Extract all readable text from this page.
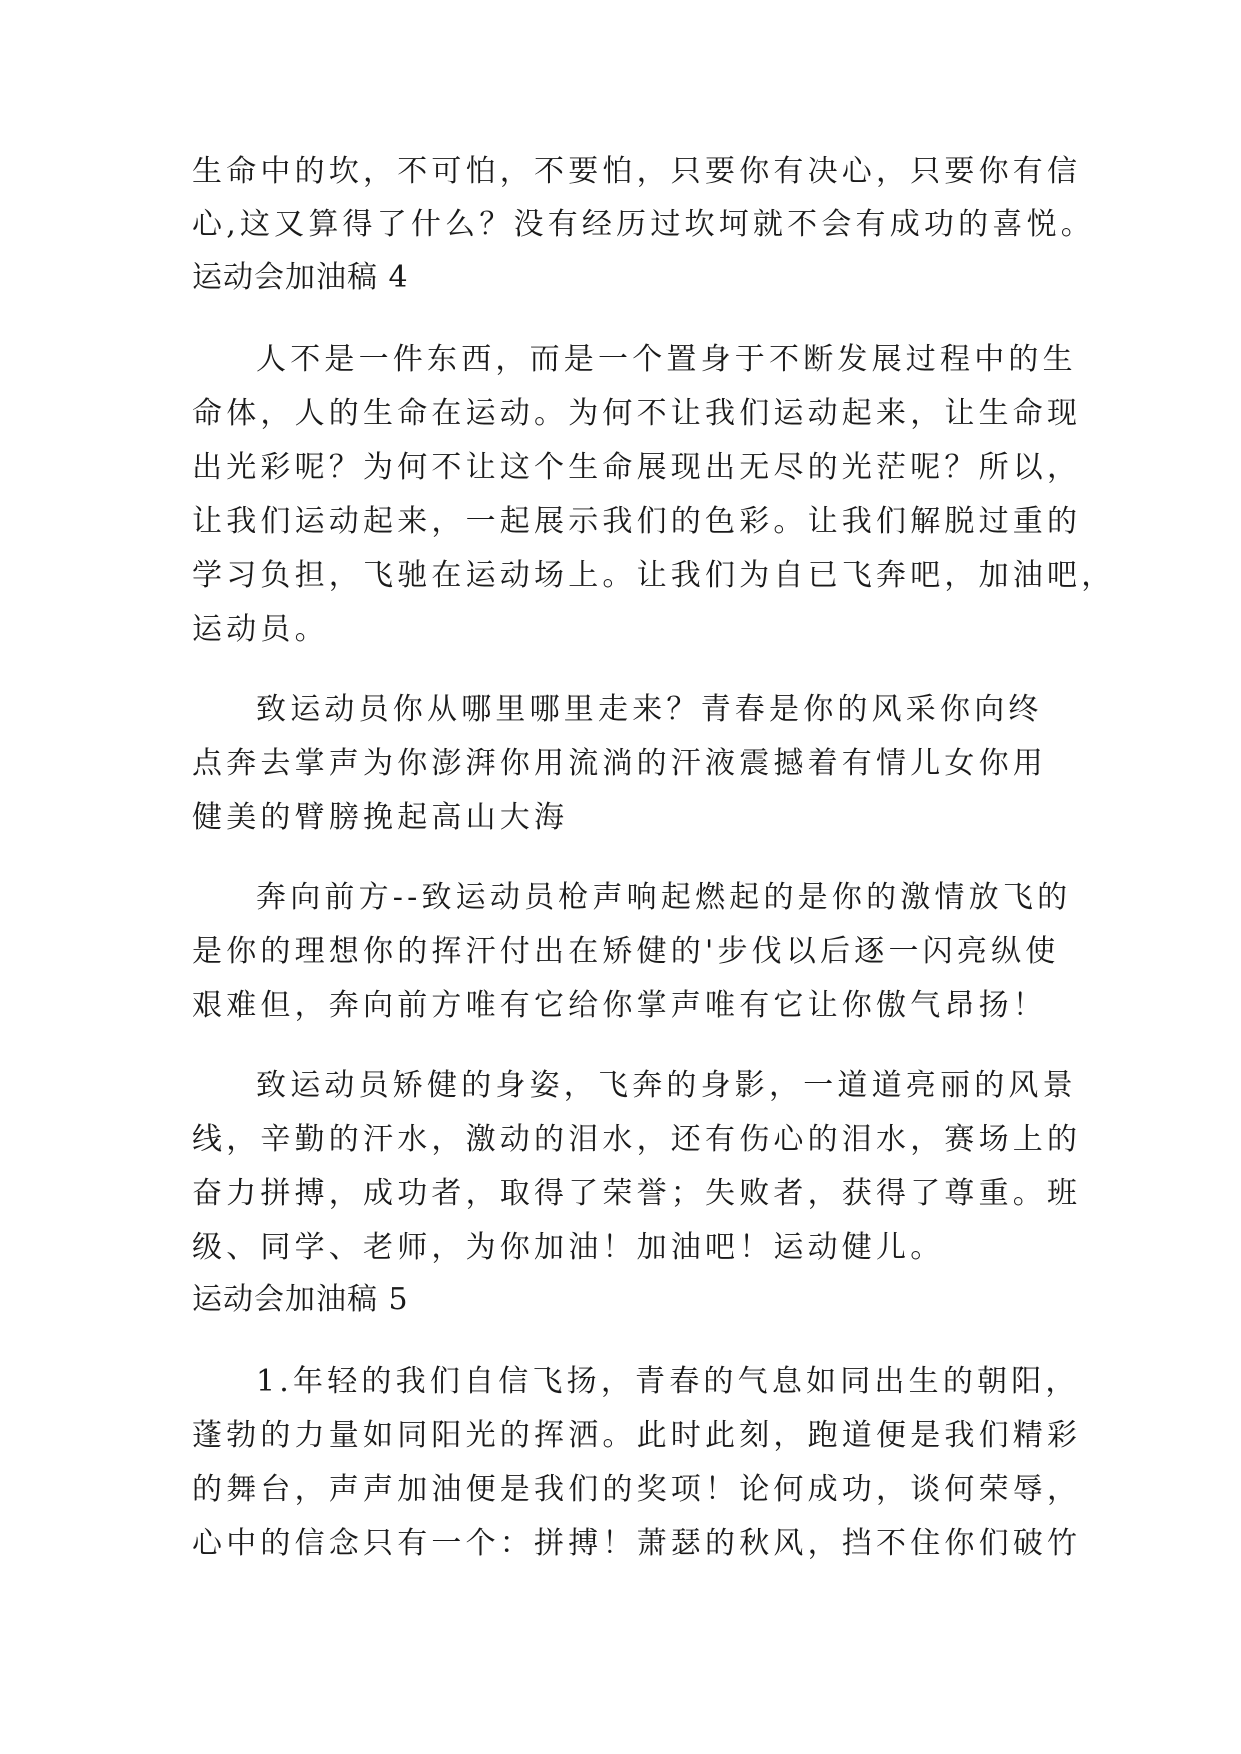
生命中的坎，不可怕，不要怕，只要你有决心，只要你有信
心,这又算得了什么？没有经历过坎坷就不会有成功的喜悦。
运动会加油稿 4
人不是一件东西，而是一个置身于不断发展过程中的生
命体，人的生命在运动。为何不让我们运动起来，让生命现
出光彩呢？为何不让这个生命展现出无尽的光茫呢？所以，
让我们运动起来，一起展示我们的色彩。让我们解脱过重的
学习负担，飞驰在运动场上。让我们为自已飞奔吧，加油吧，
运动员。
致运动员你从哪里哪里走来？青春是你的风采你向终
点奔去掌声为你澎湃你用流淌的汗液震撼着有情儿女你用
健美的臂膀挽起高山大海
奔向前方--致运动员枪声响起燃起的是你的激情放飞的
是你的理想你的挥汗付出在矫健的'步伐以后逐一闪亮纵使
艰难但，奔向前方唯有它给你掌声唯有它让你傲气昂扬！
致运动员矫健的身姿，飞奔的身影，一道道亮丽的风景
线，辛勤的汗水，激动的泪水，还有伤心的泪水，赛场上的
奋力拼搏，成功者，取得了荣誉；失败者，获得了尊重。班
级、同学、老师，为你加油！加油吧！运动健儿。
运动会加油稿 5
1.年轻的我们自信飞扬，青春的气息如同出生的朝阳，
蓬勃的力量如同阳光的挥洒。此时此刻，跑道便是我们精彩
的舞台，声声加油便是我们的奖项！论何成功，谈何荣辱，
心中的信念只有一个：拼搏！萧瑟的秋风，挡不住你们破竹
